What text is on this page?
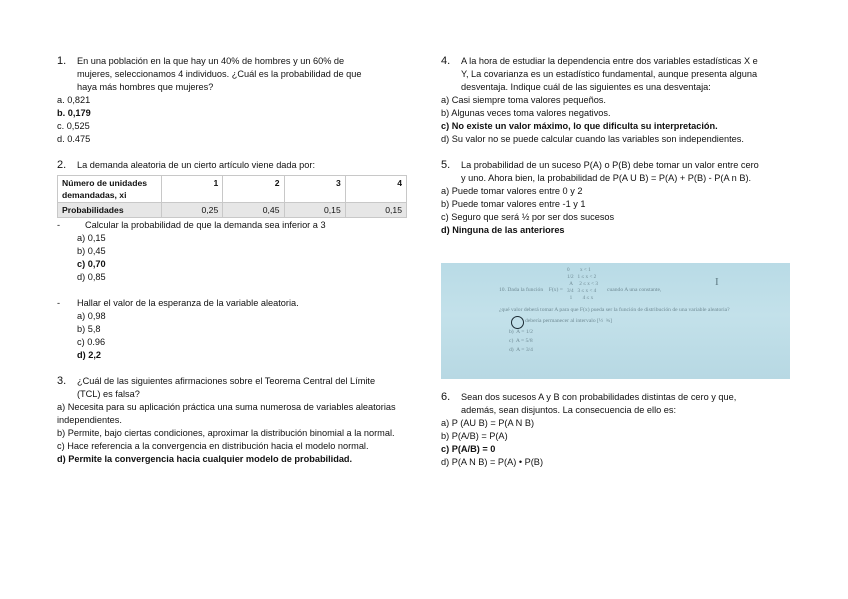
1. En una población en la que hay un 40% de hombres y un 60% de
mujeres, seleccionamos 4 individuos. ¿Cuál es la probabilidad de que
haya más hombres que mujeres?
a. 0,821
b. 0,179
c. 0,525
d. 0.475
2. La demanda aleatoria de un cierto artículo viene dada por:
Número de unidades demandadas, xi	1	2	3	4
Probabilidades	0,25	0,45	0,15	0,15
-	Calcular la probabilidad de que la demanda sea inferior a 3
a) 0,15
b) 0,45
c) 0,70
d) 0,85
- Hallar el valor de la esperanza de la variable aleatoria.
a) 0,98
b) 5,8
c) 0.96
d) 2,2
3. ¿Cuál de las siguientes afirmaciones sobre el Teorema Central del Límite
(TCL) es falsa?
a) Necesita para su aplicación práctica una suma numerosa de variables aleatorias independientes.
b) Permite, bajo ciertas condiciones, aproximar la distribución binomial a la normal.
c) Hace referencia a la convergencia en distribución hacia el modelo normal.
d) Permite la convergencia hacia cualquier modelo de probabilidad.
4. A la hora de estudiar la dependencia entre dos variables estadísticas X e
Y, La covarianza es un estadístico fundamental, aunque presenta alguna
desventaja. Indique cuál de las siguientes es una desventaja:
a) Casi siempre toma valores pequeños.
b) Algunas veces toma valores negativos.
c) No existe un valor máximo, lo que dificulta su interpretación.
d) Su valor no se puede calcular cuando las variables son independientes.
5. La probabilidad de un suceso P(A) o P(B) debe tomar un valor entre cero
y uno. Ahora bien, la probabilidad de P(A U B) = P(A) + P(B) - P(A n B).
a) Puede tomar valores entre 0 y 2
b) Puede tomar valores entre -1 y 1
c) Seguro que será ½ por ser dos sucesos
d) Ninguna de las anteriores
10. Dada la función    F(x) =
0        x < 1
1/2   1 ≤ x < 2
A     2 ≤ x < 3
3/4   3 ≤ x < 4
1        4 ≤ x
cuando A una constante,
¿qué valor deberá tomar A para que F(x) pueda ser la función de distribución de una variable aleatoria?
debería permanecer al intervalo [½  ¾]
b)  A = 1/2
c)  A = 5/8
d)  A = 3/4
I
6. Sean dos sucesos A y B con probabilidades distintas de cero y que,
además, sean disjuntos. La consecuencia de ello es:
a) P (AU B) = P(A N B)
b) P(A/B) = P(A)
c) P(A/B) = 0
d) P(A N B) = P(A) • P(B)
